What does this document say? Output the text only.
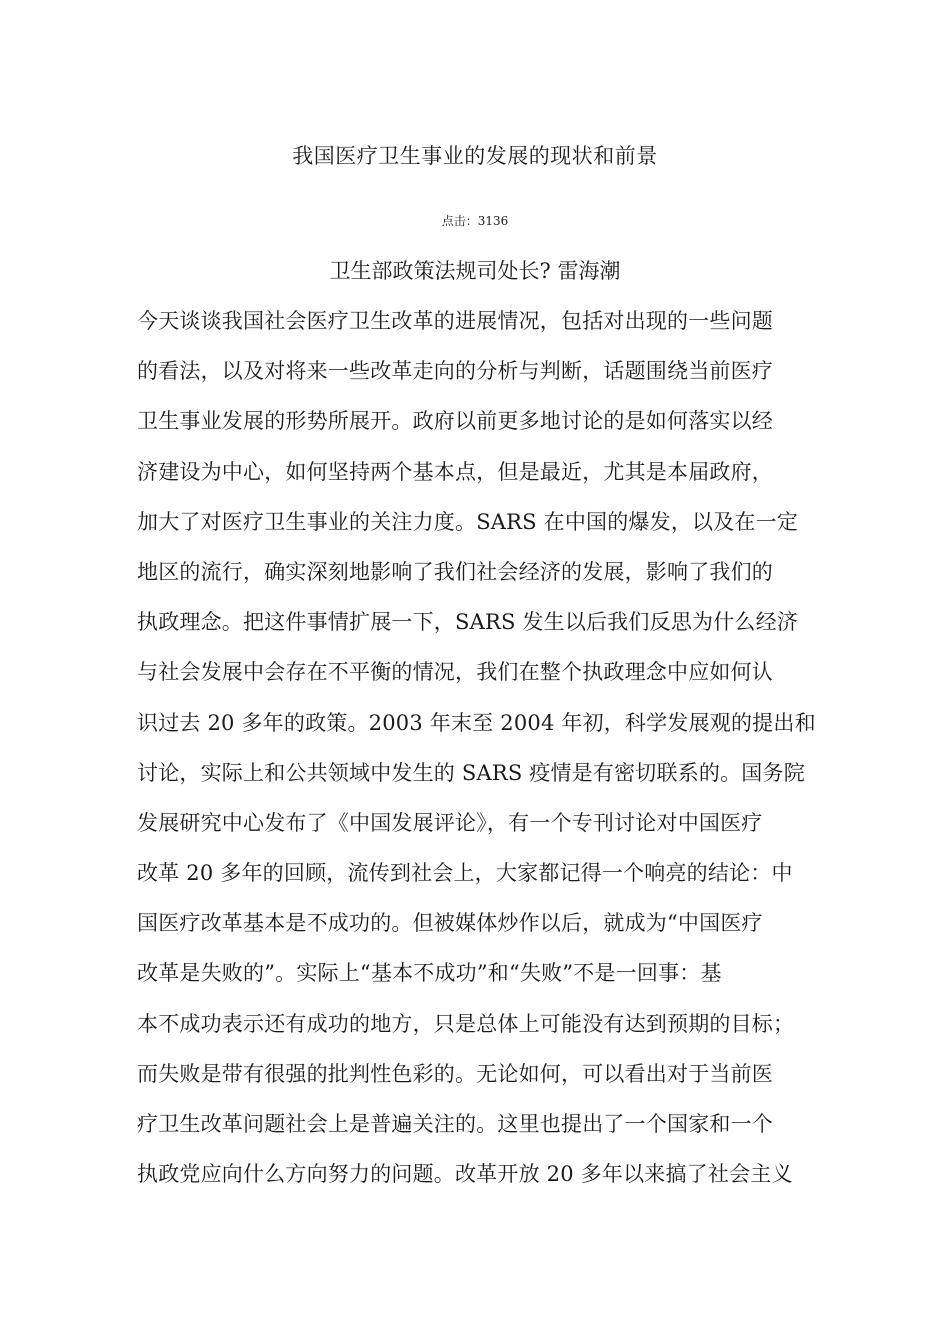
我国医疗卫生事业的发展的现状和前景
点击：3136
卫生部政策法规司处长? 雷海潮
今天谈谈我国社会医疗卫生改革的进展情况，包括对出现的一些问题
的看法，以及对将来一些改革走向的分析与判断，话题围绕当前医疗
卫生事业发展的形势所展开。政府以前更多地讨论的是如何落实以经
济建设为中心，如何坚持两个基本点，但是最近，尤其是本届政府，
加大了对医疗卫生事业的关注力度。SARS 在中国的爆发，以及在一定
地区的流行，确实深刻地影响了我们社会经济的发展，影响了我们的
执政理念。把这件事情扩展一下，SARS 发生以后我们反思为什么经济
与社会发展中会存在不平衡的情况，我们在整个执政理念中应如何认
识过去 20 多年的政策。2003 年末至 2004 年初，科学发展观的提出和
讨论，实际上和公共领域中发生的 SARS 疫情是有密切联系的。国务院
发展研究中心发布了《中国发展评论》，有一个专刊讨论对中国医疗
改革 20 多年的回顾，流传到社会上，大家都记得一个响亮的结论：中
国医疗改革基本是不成功的。但被媒体炒作以后，就成为“中国医疗
改革是失败的”。实际上“基本不成功”和“失败”不是一回事：基
本不成功表示还有成功的地方，只是总体上可能没有达到预期的目标；
而失败是带有很强的批判性色彩的。无论如何，可以看出对于当前医
疗卫生改革问题社会上是普遍关注的。这里也提出了一个国家和一个
执政党应向什么方向努力的问题。改革开放 20 多年以来搞了社会主义
